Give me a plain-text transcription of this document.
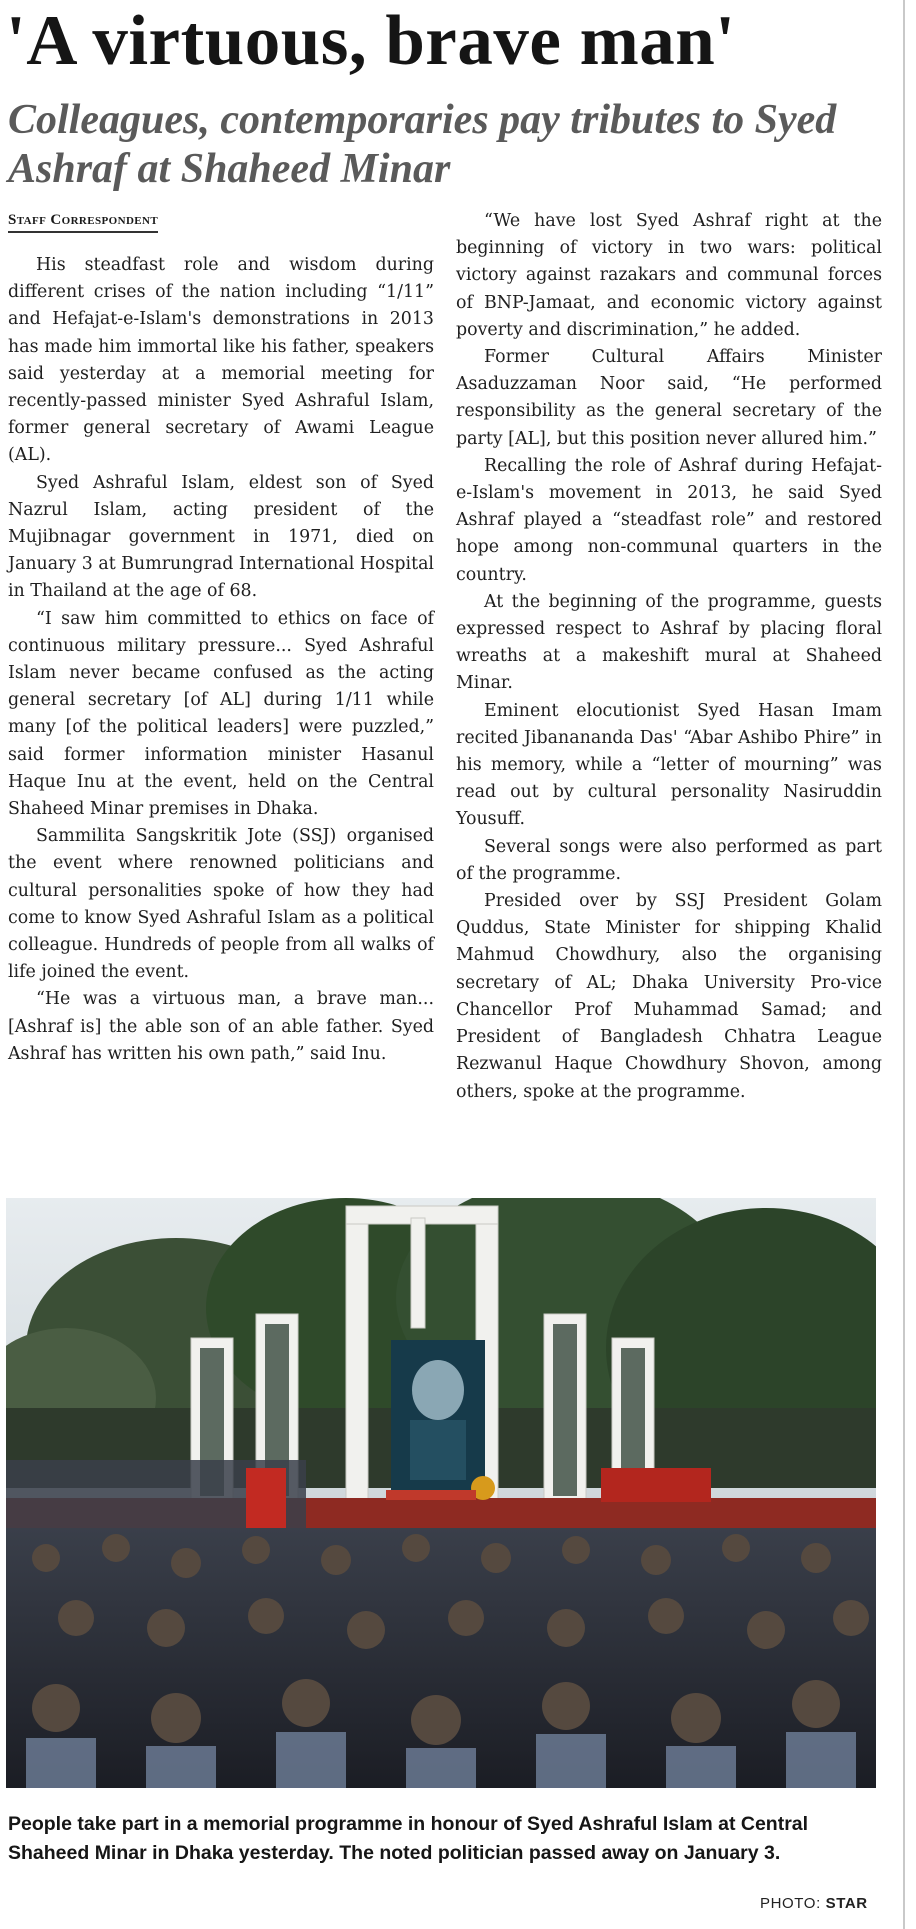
'A virtuous, brave man'
Colleagues, contemporaries pay tributes to Syed Ashraf at Shaheed Minar
Staff Correspondent

His steadfast role and wisdom during different crises of the nation including “1/11” and Hefajat-e-Islam's demonstrations in 2013 has made him immortal like his father, speakers said yesterday at a memorial meeting for recently-passed minister Syed Ashraful Islam, former general secretary of Awami League (AL).

Syed Ashraful Islam, eldest son of Syed Nazrul Islam, acting president of the Mujibnagar government in 1971, died on January 3 at Bumrungrad International Hospital in Thailand at the age of 68.

“I saw him committed to ethics on face of continuous military pressure... Syed Ashraful Islam never became confused as the acting general secretary [of AL] during 1/11 while many [of the political leaders] were puzzled,” said former information minister Hasanul Haque Inu at the event, held on the Central Shaheed Minar premises in Dhaka.

Sammilita Sangskritik Jote (SSJ) organised the event where renowned politicians and cultural personalities spoke of how they had come to know Syed Ashraful Islam as a political colleague. Hundreds of people from all walks of life joined the event.

“He was a virtuous man, a brave man... [Ashraf is] the able son of an able father. Syed Ashraf has written his own path,” said Inu.

“We have lost Syed Ashraf right at the beginning of victory in two wars: political victory against razakars and communal forces of BNP-Jamaat, and economic victory against poverty and discrimination,” he added.

Former Cultural Affairs Minister Asaduzzaman Noor said, “He performed responsibility as the general secretary of the party [AL], but this position never allured him.”

Recalling the role of Ashraf during Hefajat-e-Islam's movement in 2013, he said Syed Ashraf played a “steadfast role” and restored hope among non-communal quarters in the country.

At the beginning of the programme, guests expressed respect to Ashraf by placing floral wreaths at a makeshift mural at Shaheed Minar.

Eminent elocutionist Syed Hasan Imam recited Jibanananda Das' “Abar Ashibo Phire” in his memory, while a “letter of mourning” was read out by cultural personality Nasiruddin Yousuff.

Several songs were also performed as part of the programme.

Presided over by SSJ President Golam Quddus, State Minister for shipping Khalid Mahmud Chowdhury, also the organising secretary of AL; Dhaka University Pro-vice Chancellor Prof Muhammad Samad; and President of Bangladesh Chhatra League Rezwanul Haque Chowdhury Shovon, among others, spoke at the programme.

People take part in a memorial programme in honour of Syed Ashraful Islam at Central Shaheed Minar in Dhaka yesterday. The noted politician passed away on January 3.
PHOTO: STAR
